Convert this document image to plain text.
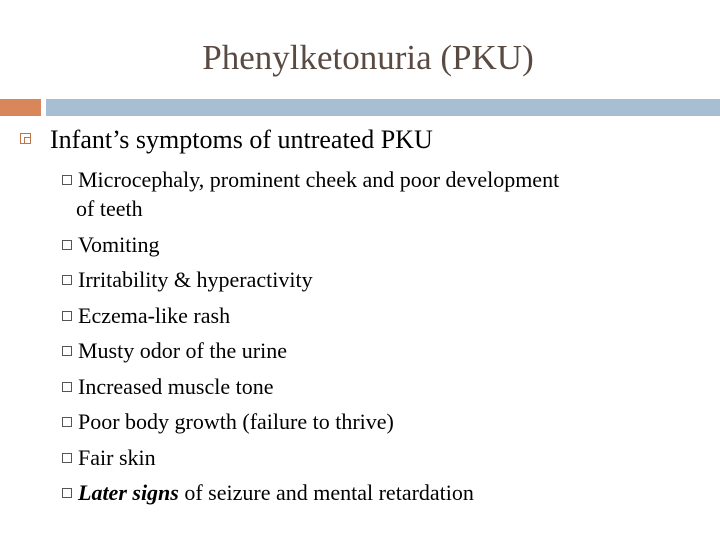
Phenylketonuria (PKU)
Infant’s symptoms of untreated PKU
Microcephaly, prominent cheek and poor development
of teeth
Vomiting
Irritability & hyperactivity
Eczema-like rash
Musty odor of the urine
Increased muscle tone
Poor body growth (failure to thrive)
Fair skin
Later signs of seizure and mental retardation
